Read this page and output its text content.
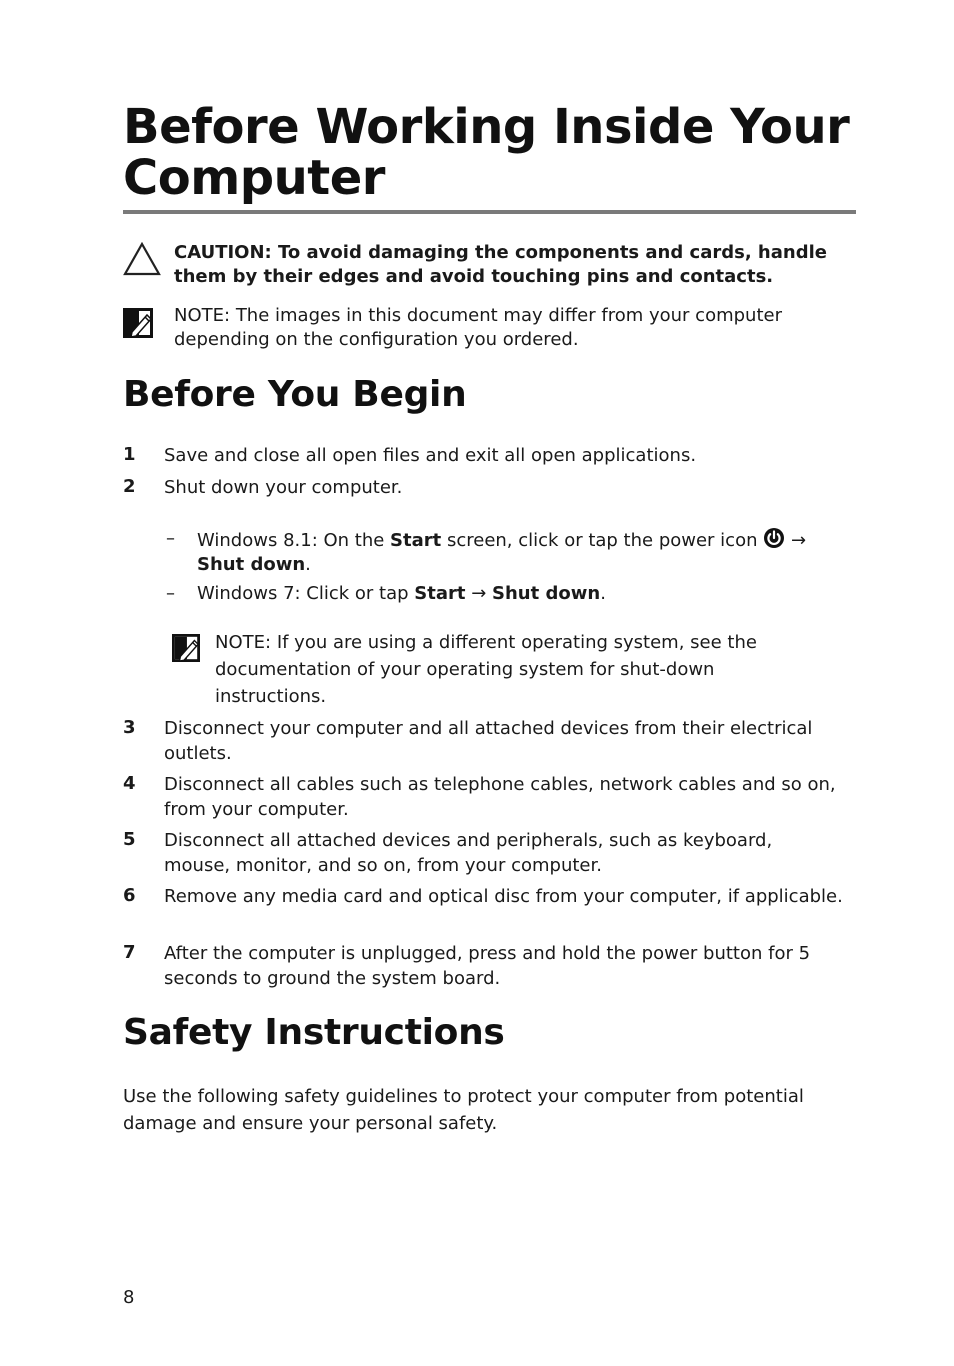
Before Working Inside Your Computer
CAUTION: To avoid damaging the components and cards, handle them by their edges and avoid touching pins and contacts.
NOTE: The images in this document may differ from your computer depending on the configuration you ordered.
Before You Begin
1 Save and close all open files and exit all open applications.
2 Shut down your computer.
– Windows 8.1: On the Start screen, click or tap the power icon  →
Shut down.
– Windows 7: Click or tap Start → Shut down.
NOTE: If you are using a different operating system, see the documentation of your operating system for shut-down instructions.
3 Disconnect your computer and all attached devices from their electrical outlets.
4 Disconnect all cables such as telephone cables, network cables and so on, from your computer.
5 Disconnect all attached devices and peripherals, such as keyboard, mouse, monitor, and so on, from your computer.
6 Remove any media card and optical disc from your computer, if applicable.
7 After the computer is unplugged, press and hold the power button for 5 seconds to ground the system board.
Safety Instructions
Use the following safety guidelines to protect your computer from potential damage and ensure your personal safety.
8
